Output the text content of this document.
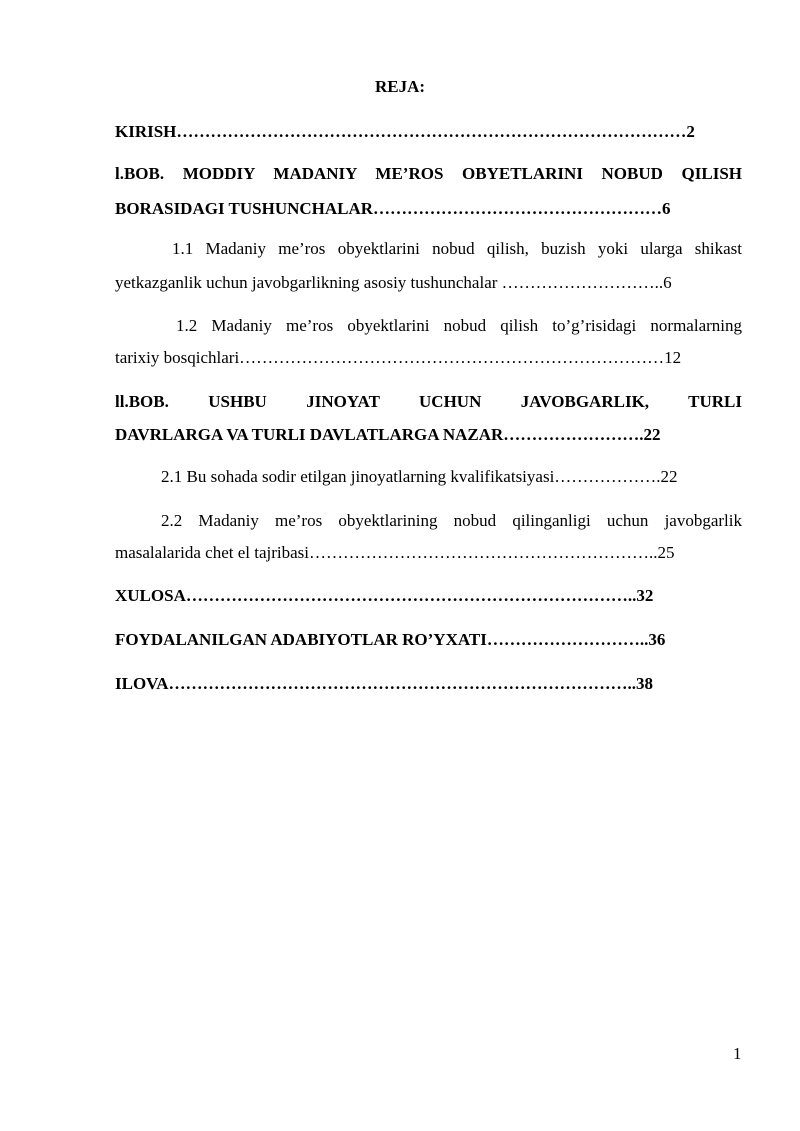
REJA:
KIRISH………………………………………………………………………………2
l.BOB. MODDIY MADANIY ME’ROS OBYETLARINI NOBUD QILISH
BORASIDAGI TUSHUNCHALAR……………………………………………6
1.1 Madaniy me’ros obyektlarini nobud qilish, buzish yoki ularga shikast
yetkazganlik uchun javobgarlikning asosiy tushunchalar ………………………..6
1.2 Madaniy me’ros obyektlarini nobud qilish to’g’risidagi normalarning
tarixiy bosqichlari…………………………………………………………………12
ll.BOB. USHBU JINOYAT UCHUN JAVOBGARLIK, TURLI
DAVRLARGA VA TURLI DAVLATLARGA NAZAR…………………….22
2.1 Bu sohada sodir etilgan jinoyatlarning kvalifikatsiyasi……………….22
2.2 Madaniy me’ros obyektlarining nobud qilinganligi uchun javobgarlik
masalalarida chet el tajribasi……………………………………………………..25
XULOSA……………………………………………………………………..32
FOYDALANILGAN ADABIYOTLAR RO’YXATI………………………..36
ILOVA………………………………………………………………………..38
1
